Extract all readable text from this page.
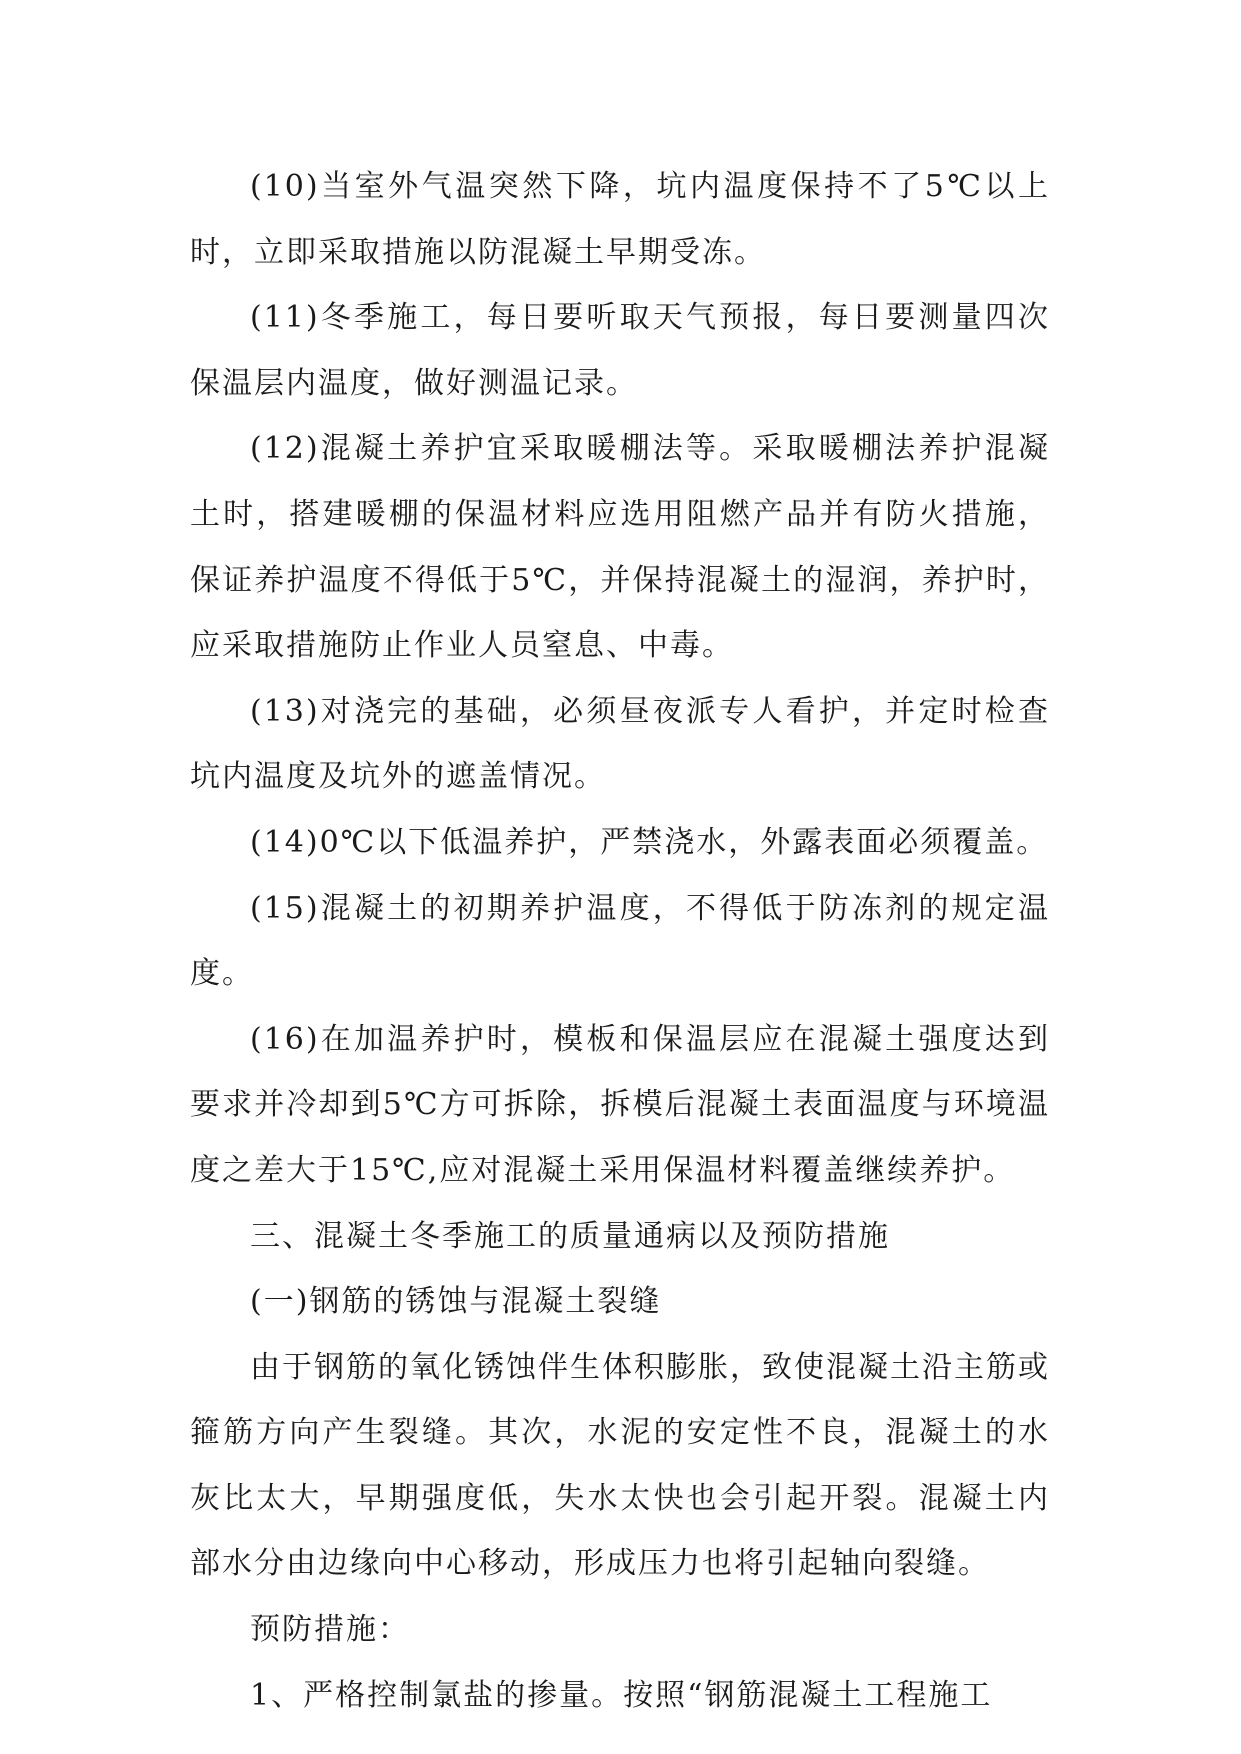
(10)当室外气温突然下降，坑内温度保持不了5℃以上时，立即采取措施以防混凝土早期受冻。

(11)冬季施工，每日要听取天气预报，每日要测量四次保温层内温度，做好测温记录。

(12)混凝土养护宜采取暖棚法等。采取暖棚法养护混凝土时，搭建暖棚的保温材料应选用阻燃产品并有防火措施，保证养护温度不得低于5℃，并保持混凝土的湿润，养护时，应采取措施防止作业人员窒息、中毒。

(13)对浇完的基础，必须昼夜派专人看护，并定时检查坑内温度及坑外的遮盖情况。

(14)0℃以下低温养护，严禁浇水，外露表面必须覆盖。

(15)混凝土的初期养护温度，不得低于防冻剂的规定温度。

(16)在加温养护时，模板和保温层应在混凝土强度达到要求并冷却到5℃方可拆除，拆模后混凝土表面温度与环境温度之差大于15℃,应对混凝土采用保温材料覆盖继续养护。

三、混凝土冬季施工的质量通病以及预防措施

(一)钢筋的锈蚀与混凝土裂缝

由于钢筋的氧化锈蚀伴生体积膨胀，致使混凝土沿主筋或箍筋方向产生裂缝。其次，水泥的安定性不良，混凝土的水灰比太大，早期强度低，失水太快也会引起开裂。混凝土内部水分由边缘向中心移动，形成压力也将引起轴向裂缝。

预防措施：

1、严格控制氯盐的掺量。按照“钢筋混凝土工程施工
